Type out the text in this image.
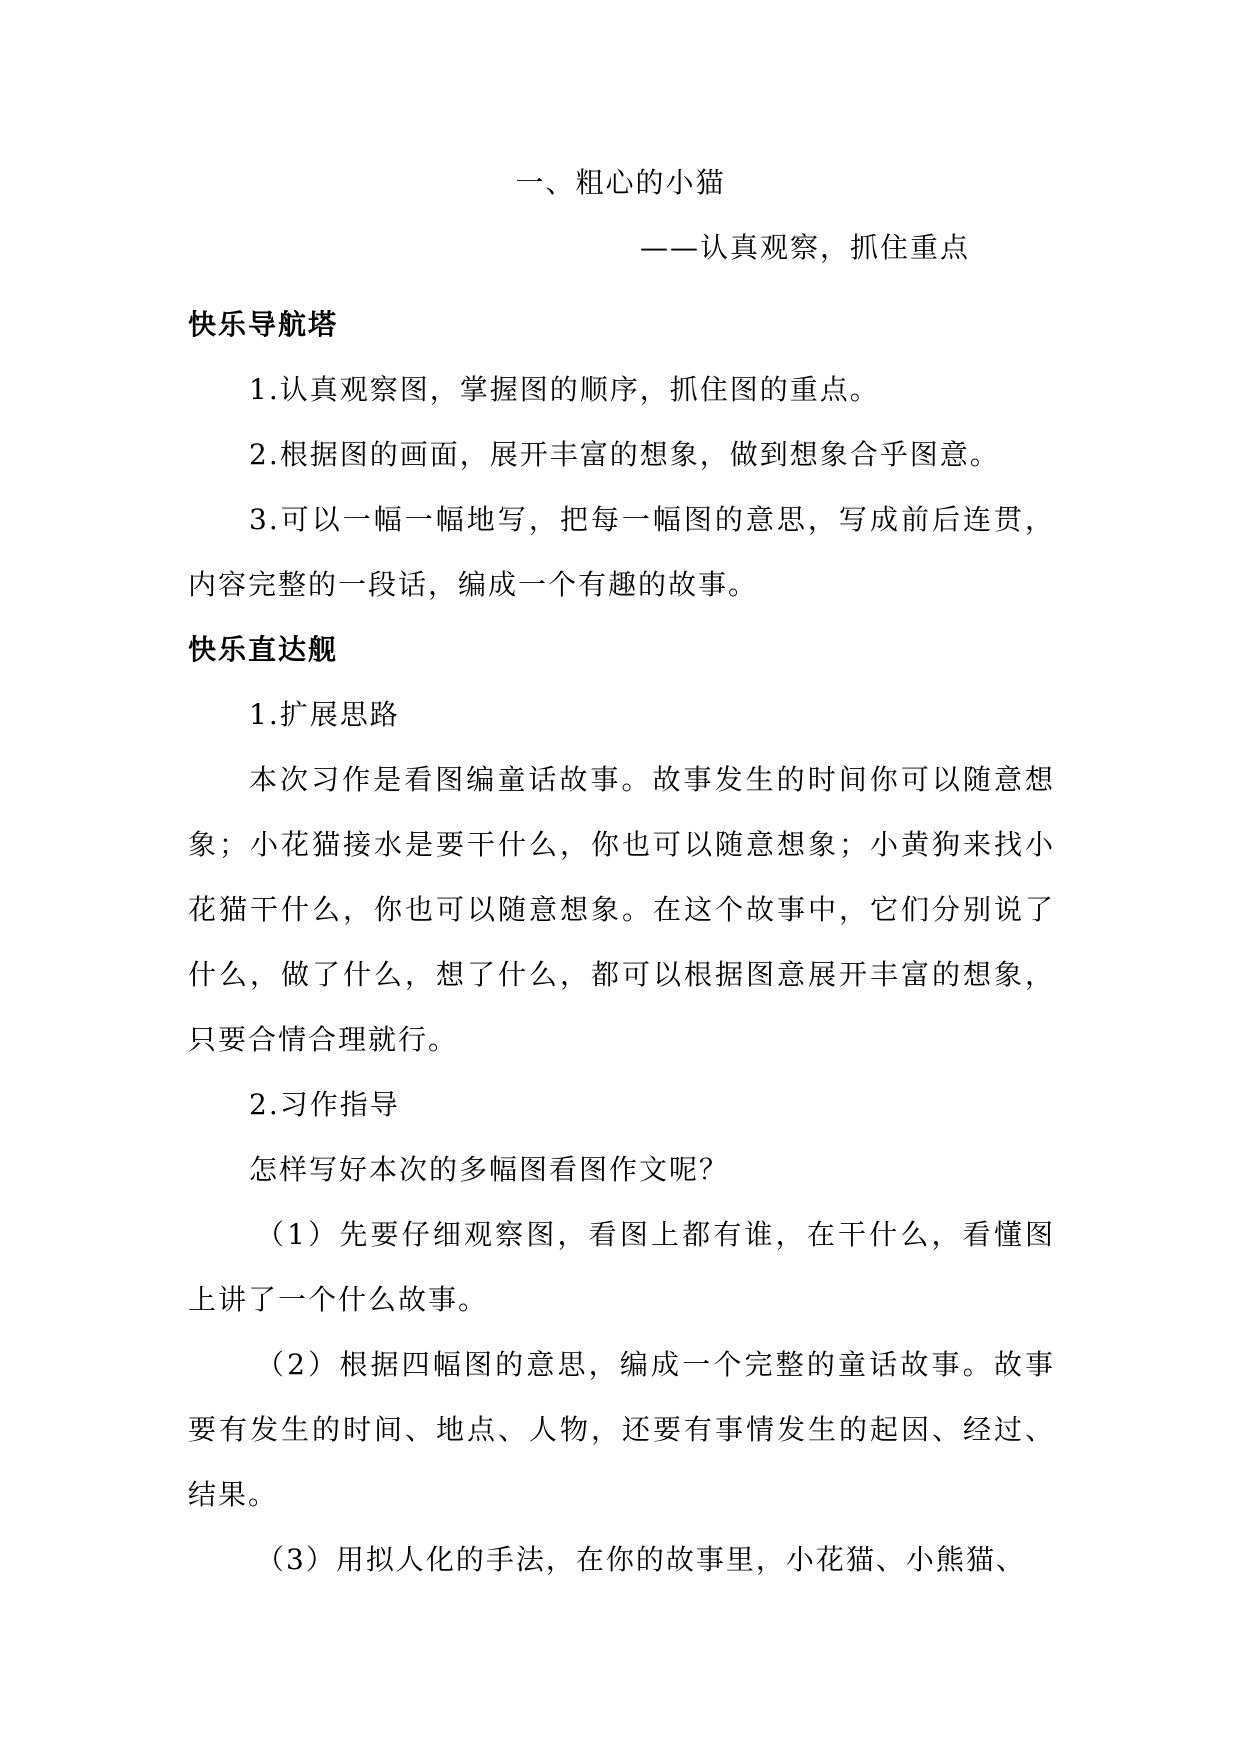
一、粗心的小猫
——认真观察，抓住重点

快乐导航塔

1.认真观察图，掌握图的顺序，抓住图的重点。

2.根据图的画面，展开丰富的想象，做到想象合乎图意。

3.可以一幅一幅地写，把每一幅图的意思，写成前后连贯，内容完整的一段话，编成一个有趣的故事。

快乐直达舰

1.扩展思路

本次习作是看图编童话故事。故事发生的时间你可以随意想象；小花猫接水是要干什么，你也可以随意想象；小黄狗来找小花猫干什么，你也可以随意想象。在这个故事中，它们分别说了什么，做了什么，想了什么，都可以根据图意展开丰富的想象，只要合情合理就行。

2.习作指导

怎样写好本次的多幅图看图作文呢？

（1）先要仔细观察图，看图上都有谁，在干什么，看懂图上讲了一个什么故事。

（2）根据四幅图的意思，编成一个完整的童话故事。故事要有发生的时间、地点、人物，还要有事情发生的起因、经过、结果。

（3）用拟人化的手法，在你的故事里，小花猫、小熊猫、
